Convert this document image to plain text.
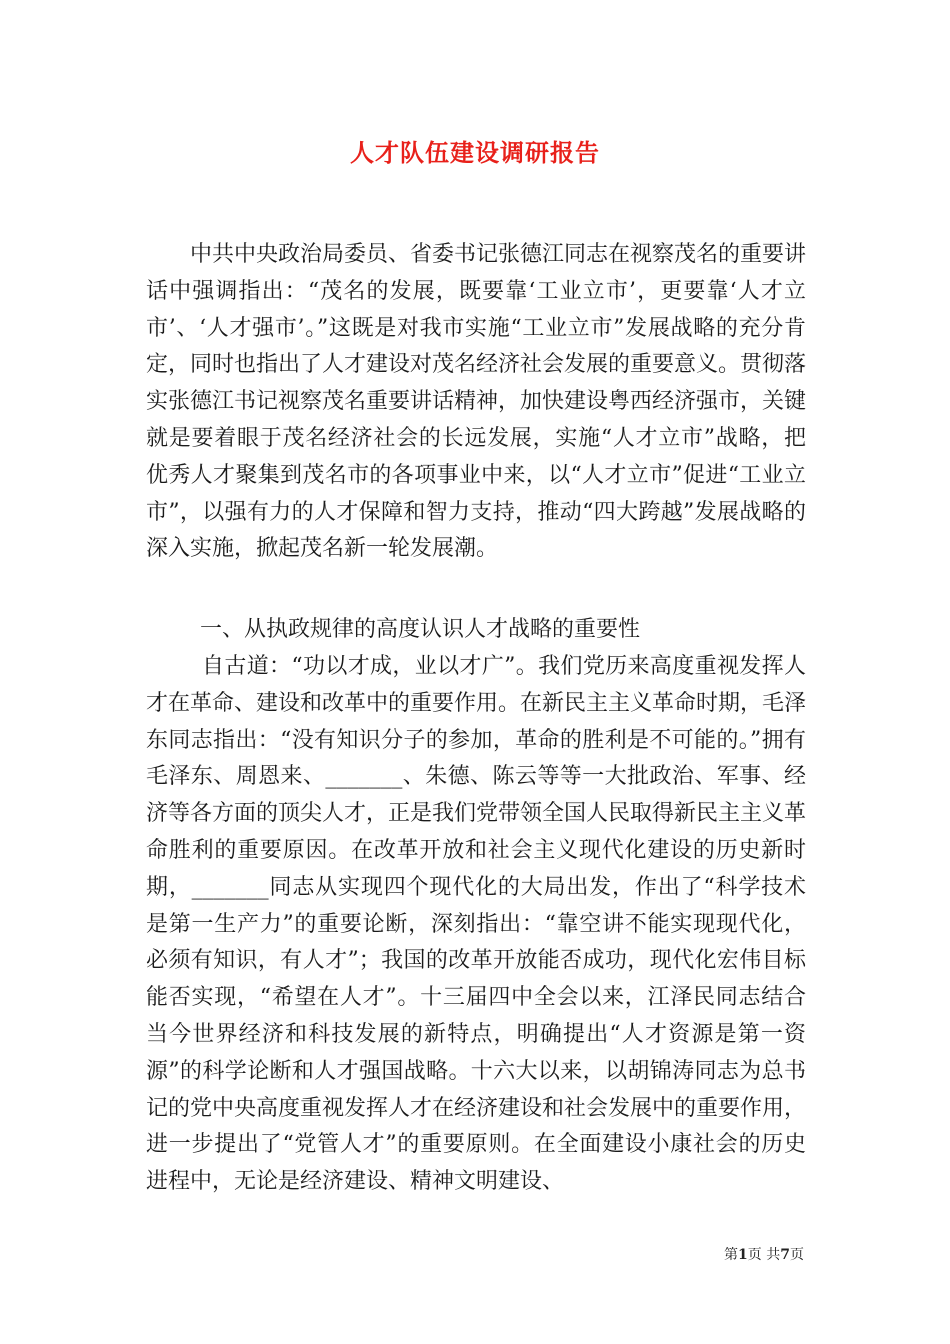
人才队伍建设调研报告

中共中央政治局委员、省委书记张德江同志在视察茂名的重要讲话中强调指出：“茂名的发展，既要靠‘工业立市’，更要靠‘人才立市’、‘人才强市’。”这既是对我市实施“工业立市”发展战略的充分肯定，同时也指出了人才建设对茂名经济社会发展的重要意义。贯彻落实张德江书记视察茂名重要讲话精神，加快建设粤西经济强市，关键就是要着眼于茂名经济社会的长远发展，实施“人才立市”战略，把优秀人才聚集到茂名市的各项事业中来，以“人才立市”促进“工业立市”，以强有力的人才保障和智力支持，推动“四大跨越”发展战略的深入实施，掀起茂名新一轮发展潮。

一、从执政规律的高度认识人才战略的重要性

自古道：“功以才成，业以才广”。我们党历来高度重视发挥人才在革命、建设和改革中的重要作用。在新民主主义革命时期，毛泽东同志指出：“没有知识分子的参加，革命的胜利是不可能的。”拥有毛泽东、周恩来、_______、朱德、陈云等等一大批政治、军事、经济等各方面的顶尖人才，正是我们党带领全国人民取得新民主主义革命胜利的重要原因。在改革开放和社会主义现代化建设的历史新时期，_______同志从实现四个现代化的大局出发，作出了“科学技术是第一生产力”的重要论断，深刻指出：“靠空讲不能实现现代化，必须有知识，有人才”；我国的改革开放能否成功，现代化宏伟目标能否实现，“希望在人才”。十三届四中全会以来，江泽民同志结合当今世界经济和科技发展的新特点，明确提出“人才资源是第一资源”的科学论断和人才强国战略。十六大以来，以胡锦涛同志为总书记的党中央高度重视发挥人才在经济建设和社会发展中的重要作用，进一步提出了“党管人才”的重要原则。在全面建设小康社会的历史进程中，无论是经济建设、精神文明建设、

第1页 共7页
